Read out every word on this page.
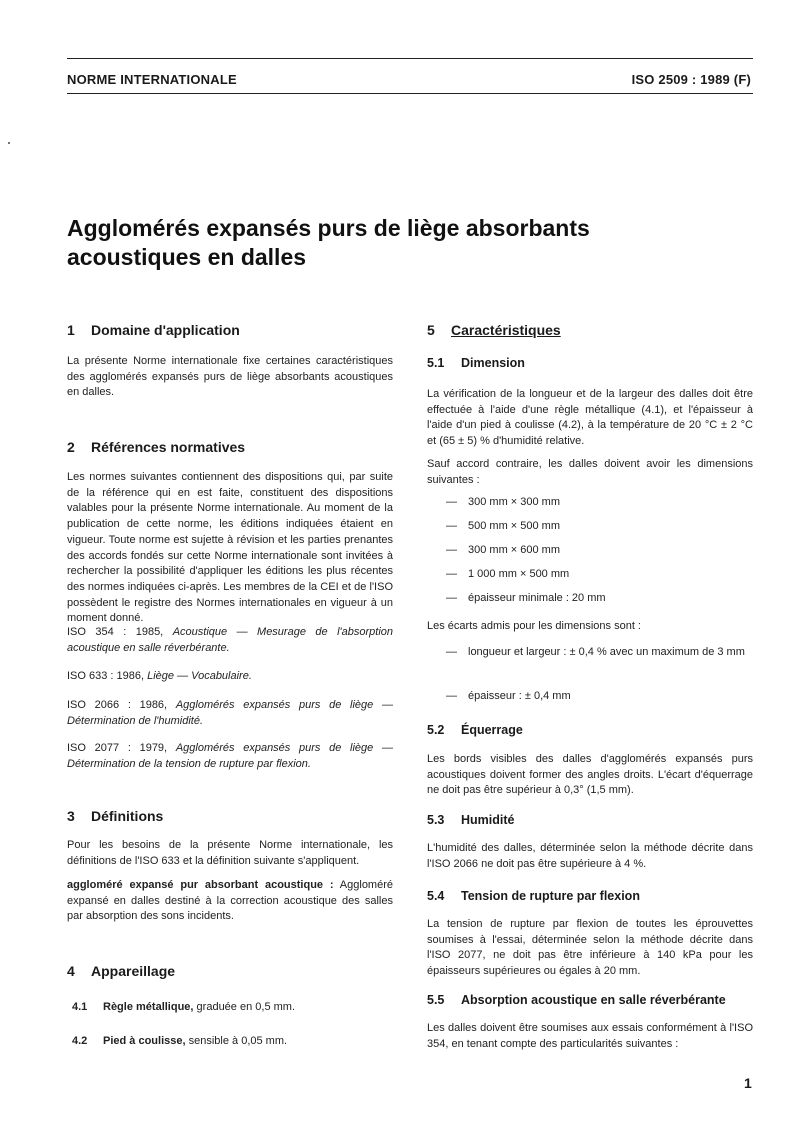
NORME INTERNATIONALE	ISO 2509 : 1989 (F)
Agglomérés expansés purs de liège absorbants
acoustiques en dalles
1 Domaine d'application
La présente Norme internationale fixe certaines caractéristiques des agglomérés expansés purs de liège absorbants acoustiques en dalles.
2 Références normatives
Les normes suivantes contiennent des dispositions qui, par suite de la référence qui en est faite, constituent des dispositions valables pour la présente Norme internationale. Au moment de la publication de cette norme, les éditions indiquées étaient en vigueur. Toute norme est sujette à révision et les parties prenantes des accords fondés sur cette Norme internationale sont invitées à rechercher la possibilité d'appliquer les éditions les plus récentes des normes indiquées ci-après. Les membres de la CEI et de l'ISO possèdent le registre des Normes internationales en vigueur à un moment donné.
ISO 354 : 1985, Acoustique — Mesurage de l'absorption acoustique en salle réverbérante.
ISO 633 : 1986, Liège — Vocabulaire.
ISO 2066 : 1986, Agglomérés expansés purs de liège — Détermination de l'humidité.
ISO 2077 : 1979, Agglomérés expansés purs de liège — Détermination de la tension de rupture par flexion.
3 Définitions
Pour les besoins de la présente Norme internationale, les définitions de l'ISO 633 et la définition suivante s'appliquent.
aggloméré expansé pur absorbant acoustique : Aggloméré expansé en dalles destiné à la correction acoustique des salles par absorption des sons incidents.
4 Appareillage
4.1 Règle métallique, graduée en 0,5 mm.
4.2 Pied à coulisse, sensible à 0,05 mm.
5 Caractéristiques
5.1 Dimension
La vérification de la longueur et de la largeur des dalles doit être effectuée à l'aide d'une règle métallique (4.1), et l'épaisseur à l'aide d'un pied à coulisse (4.2), à la température de 20 °C ± 2 °C et (65 ± 5) % d'humidité relative.
Sauf accord contraire, les dalles doivent avoir les dimensions suivantes :
— 300 mm × 300 mm
— 500 mm × 500 mm
— 300 mm × 600 mm
— 1 000 mm × 500 mm
— épaisseur minimale : 20 mm
Les écarts admis pour les dimensions sont :
— longueur et largeur : ± 0,4 % avec un maximum de 3 mm
— épaisseur : ± 0,4 mm
5.2 Équerrage
Les bords visibles des dalles d'agglomérés expansés purs acoustiques doivent former des angles droits. L'écart d'équerrage ne doit pas être supérieur à 0,3° (1,5 mm).
5.3 Humidité
L'humidité des dalles, déterminée selon la méthode décrite dans l'ISO 2066 ne doit pas être supérieure à 4 %.
5.4 Tension de rupture par flexion
La tension de rupture par flexion de toutes les éprouvettes soumises à l'essai, déterminée selon la méthode décrite dans l'ISO 2077, ne doit pas être inférieure à 140 kPa pour les épaisseurs supérieures ou égales à 20 mm.
5.5 Absorption acoustique en salle réverbérante
Les dalles doivent être soumises aux essais conformément à l'ISO 354, en tenant compte des particularités suivantes :
1
